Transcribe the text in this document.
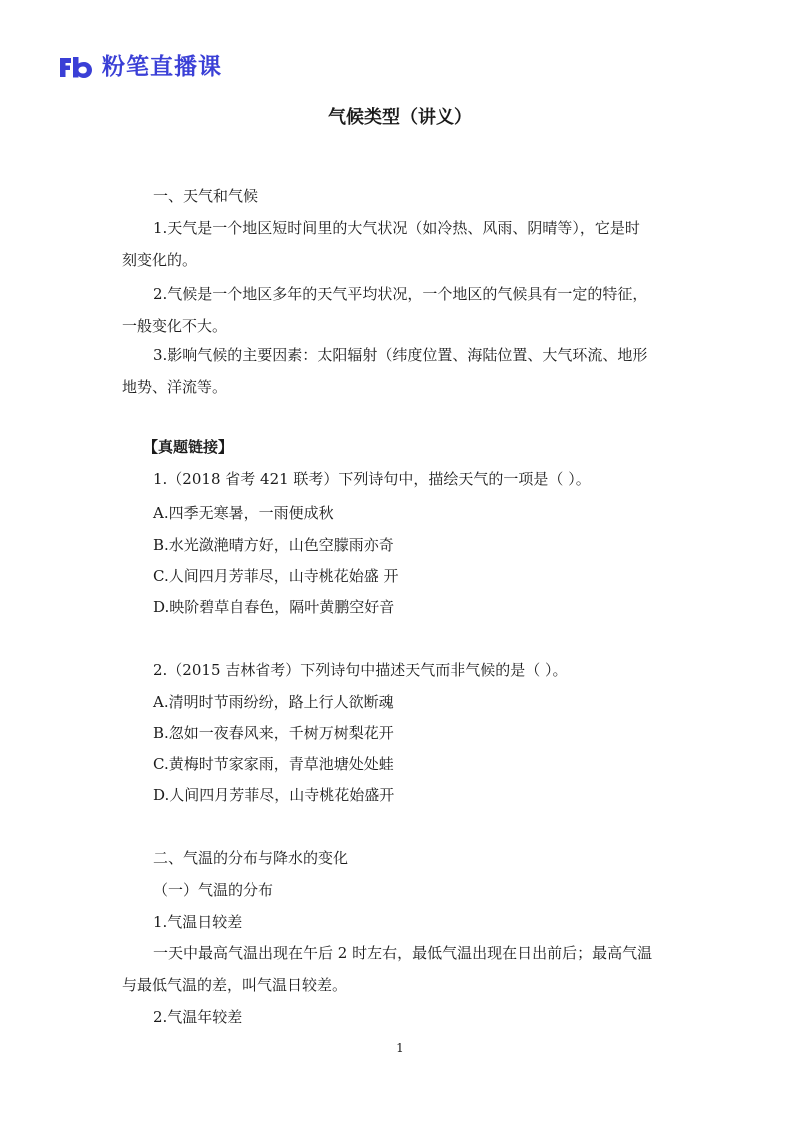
粉笔直播课
气候类型（讲义）
一、天气和气候
1.天气是一个地区短时间里的大气状况（如冷热、风雨、阴晴等），它是时
刻变化的。
2.气候是一个地区多年的天气平均状况，一个地区的气候具有一定的特征，
一般变化不大。
3.影响气候的主要因素：太阳辐射（纬度位置、海陆位置、大气环流、地形
地势、洋流等。
【真题链接】
1.（2018 省考 421 联考）下列诗句中，描绘天气的一项是（ ）。
A.四季无寒暑，一雨便成秋
B.水光潋滟晴方好，山色空朦雨亦奇
C.人间四月芳菲尽，山寺桃花始盛 开
D.映阶碧草自春色，隔叶黄鹏空好音
2.（2015 吉林省考）下列诗句中描述天气而非气候的是（ ）。
A.清明时节雨纷纷，路上行人欲断魂
B.忽如一夜春风来，千树万树梨花开
C.黄梅时节家家雨，青草池塘处处蛙
D.人间四月芳菲尽，山寺桃花始盛开
二、气温的分布与降水的变化
（一）气温的分布
1.气温日较差
一天中最高气温出现在午后 2 时左右，最低气温出现在日出前后；最高气温
与最低气温的差，叫气温日较差。
2.气温年较差
1
